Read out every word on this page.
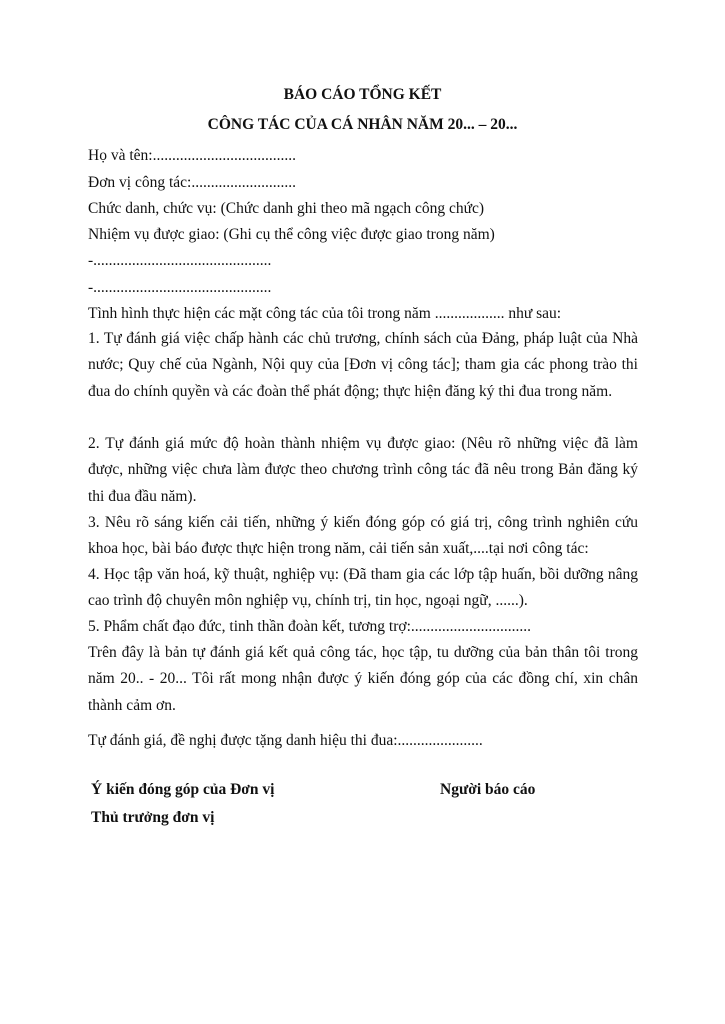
BÁO CÁO TỔNG KẾT
CÔNG TÁC CỦA CÁ NHÂN NĂM 20... – 20...
Họ và tên:.....................................
Đơn vị công tác:...........................
Chức danh, chức vụ: (Chức danh ghi theo mã ngạch công chức)
Nhiệm vụ được giao: (Ghi cụ thể công việc được giao trong năm)
-..............................................
-..............................................
Tình hình thực hiện các mặt công tác của tôi trong năm .................. như sau:
1. Tự đánh giá việc chấp hành các chủ trương, chính sách của Đảng, pháp luật của Nhà nước; Quy chế của Ngành, Nội quy của [Đơn vị công tác]; tham gia các phong trào thi đua do chính quyền và các đoàn thể phát động; thực hiện đăng ký thi đua trong năm.
2. Tự đánh giá mức độ hoàn thành nhiệm vụ được giao: (Nêu rõ những việc đã làm được, những việc chưa làm được theo chương trình công tác đã nêu trong Bản đăng ký thi đua đầu năm).
3. Nêu rõ sáng kiến cải tiến, những ý kiến đóng góp có giá trị, công trình nghiên cứu khoa học, bài báo được thực hiện trong năm, cải tiến sản xuất,....tại nơi công tác:
4. Học tập văn hoá, kỹ thuật, nghiệp vụ: (Đã tham gia các lớp tập huấn, bồi dưỡng nâng cao trình độ chuyên môn nghiệp vụ, chính trị, tin học, ngoại ngữ, ......).
5. Phẩm chất đạo đức, tinh thần đoàn kết, tương trợ:...............................
Trên đây là bản tự đánh giá kết quả công tác, học tập, tu dưỡng của bản thân tôi trong năm 20.. - 20... Tôi rất mong nhận được ý kiến đóng góp của các đồng chí, xin chân thành cảm ơn.
Tự đánh giá, đề nghị được tặng danh hiệu thi đua:......................
Ý kiến đóng góp của Đơn vị	Người báo cáo
Thủ trưởng đơn vị
